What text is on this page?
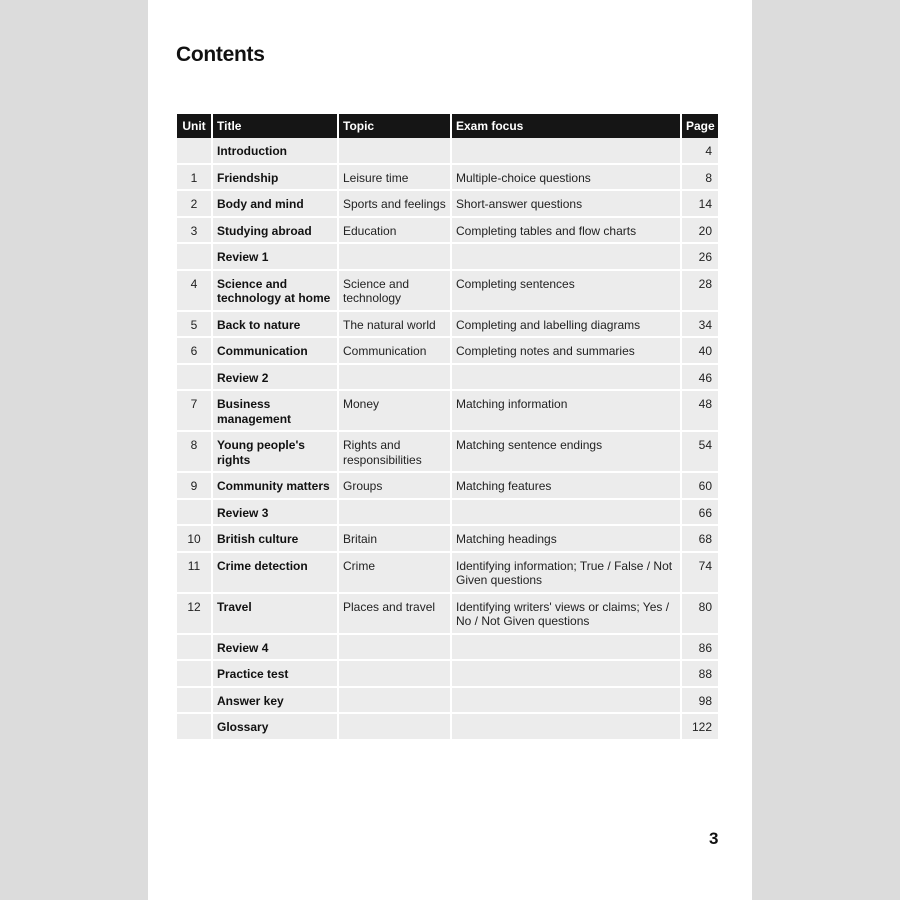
Contents
Unit	Title	Topic	Exam focus	Page
	Introduction			4
1	Friendship	Leisure time	Multiple-choice questions	8
2	Body and mind	Sports and feelings	Short-answer questions	14
3	Studying abroad	Education	Completing tables and flow charts	20
	Review 1			26
4	Science and technology at home	Science and technology	Completing sentences	28
5	Back to nature	The natural world	Completing and labelling diagrams	34
6	Communication	Communication	Completing notes and summaries	40
	Review 2			46
7	Business management	Money	Matching information	48
8	Young people's rights	Rights and responsibilities	Matching sentence endings	54
9	Community matters	Groups	Matching features	60
	Review 3			66
10	British culture	Britain	Matching headings	68
11	Crime detection	Crime	Identifying information; True / False / Not Given questions	74
12	Travel	Places and travel	Identifying writers' views or claims; Yes / No / Not Given questions	80
	Review 4			86
	Practice test			88
	Answer key			98
	Glossary			122
3
